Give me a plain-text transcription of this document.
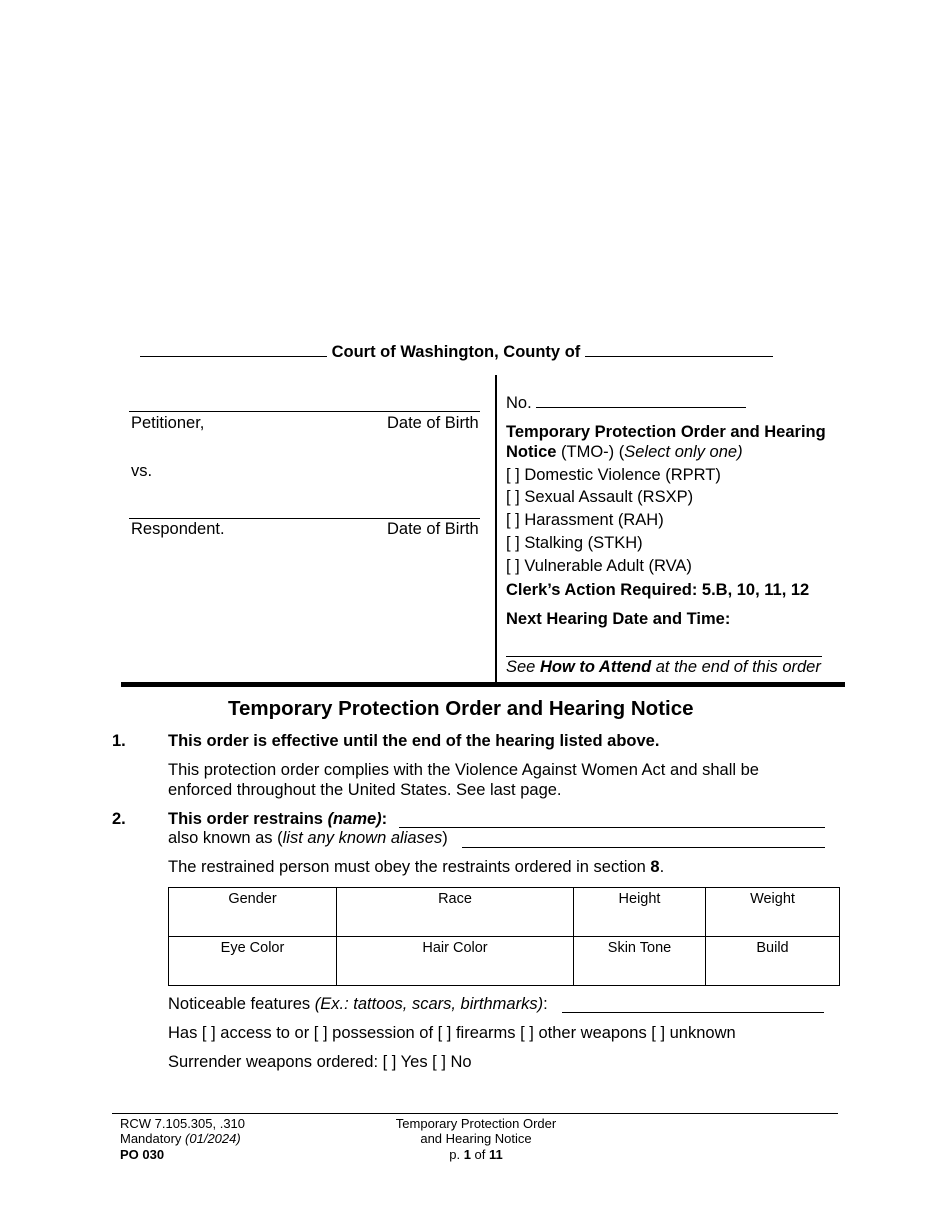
Court of Washington, County of
Petitioner,	Date of Birth
vs.
Respondent.	Date of Birth
No.
Temporary Protection Order and Hearing
Notice (TMO-) (Select only one)
[ ] Domestic Violence (RPRT)
[ ] Sexual Assault (RSXP)
[ ] Harassment (RAH)
[ ] Stalking (STKH)
[ ] Vulnerable Adult (RVA)
Clerk’s Action Required: 5.B, 10, 11, 12
Next Hearing Date and Time:
See How to Attend at the end of this order
Temporary Protection Order and Hearing Notice
1.	This order is effective until the end of the hearing listed above.
This protection order complies with the Violence Against Women Act and shall be
enforced throughout the United States. See last page.
2.	This order restrains (name):
also known as (list any known aliases)
The restrained person must obey the restraints ordered in section 8.
Gender	Race	Height	Weight
Eye Color	Hair Color	Skin Tone	Build
Noticeable features (Ex.: tattoos, scars, birthmarks):
Has [ ] access to or [ ] possession of [ ] firearms [ ] other weapons [ ] unknown
Surrender weapons ordered: [ ] Yes [ ] No
RCW 7.105.305, .310
Mandatory (01/2024)
PO 030
Temporary Protection Order
and Hearing Notice
p. 1 of 11
